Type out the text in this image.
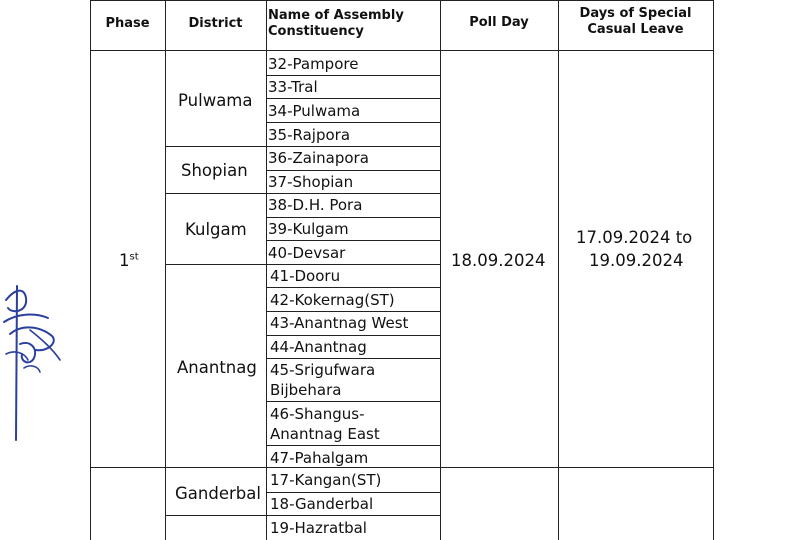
Phase	District
Name of Assembly
Constituency
Poll Day
Days of Special
Casual Leave
1st
Pulwama
Shopian
Kulgam
Anantnag
Ganderbal
32-Pampore
33-Tral
34-Pulwama
35-Rajpora
36-Zainapora
37-Shopian
38-D.H. Pora
39-Kulgam
40-Devsar
41-Dooru
42-Kokernag(ST)
43-Anantnag West
44-Anantnag
45-Srigufwara
Bijbehara
46-Shangus-
Anantnag East
47-Pahalgam
17-Kangan(ST)
18-Ganderbal
19-Hazratbal
18.09.2024
17.09.2024 to
19.09.2024
